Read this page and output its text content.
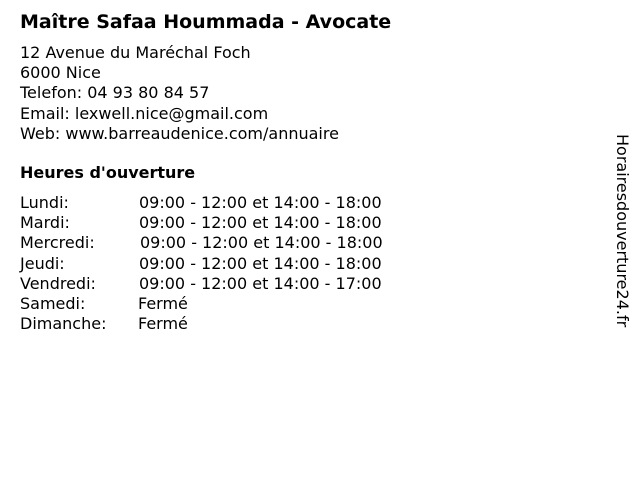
Maître Safaa Hoummada - Avocate
12 Avenue du Maréchal Foch
6000 Nice
Telefon: 04 93 80 84 57
Email: lexwell.nice@gmail.com
Web: www.barreaudenice.com/annuaire
Heures d'ouverture
Lundi:	09:00 - 12:00 et 14:00 - 18:00
Mardi:	09:00 - 12:00 et 14:00 - 18:00
Mercredi:	09:00 - 12:00 et 14:00 - 18:00
Jeudi:	09:00 - 12:00 et 14:00 - 18:00
Vendredi:	09:00 - 12:00 et 14:00 - 17:00
Samedi:	Fermé
Dimanche: Fermé	Horairesdouverture24.fr
